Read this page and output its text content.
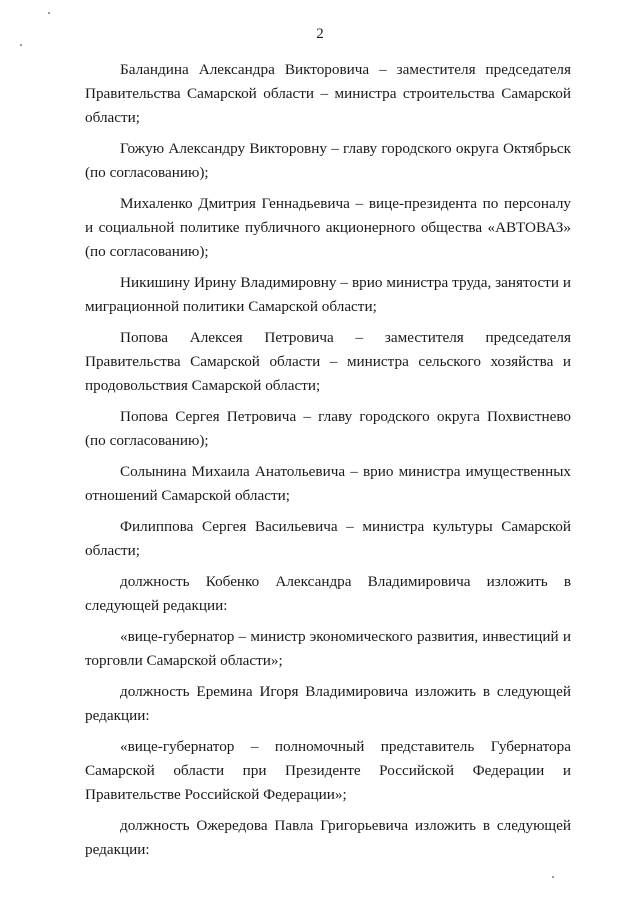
2

Баландина Александра Викторовича – заместителя председателя Правительства Самарской области – министра строительства Самарской области;

Гожую Александру Викторовну – главу городского округа Октябрьск (по согласованию);

Михаленко Дмитрия Геннадьевича – вице-президента по персоналу и социальной политике публичного акционерного общества «АВТОВАЗ» (по согласованию);

Никишину Ирину Владимировну – врио министра труда, занятости и миграционной политики Самарской области;

Попова Алексея Петровича – заместителя председателя Правительства Самарской области – министра сельского хозяйства и продовольствия Самарской области;

Попова Сергея Петровича – главу городского округа Похвистнево (по согласованию);

Солынина Михаила Анатольевича – врио министра имущественных отношений Самарской области;

Филиппова Сергея Васильевича – министра культуры Самарской области;

должность Кобенко Александра Владимировича изложить в следующей редакции:

«вице-губернатор – министр экономического развития, инвестиций и торговли Самарской области»;

должность Еремина Игоря Владимировича изложить в следующей редакции:

«вице-губернатор – полномочный представитель Губернатора Самарской области при Президенте Российской Федерации и Правительстве Российской Федерации»;

должность Ожередова Павла Григорьевича изложить в следующей редакции:
